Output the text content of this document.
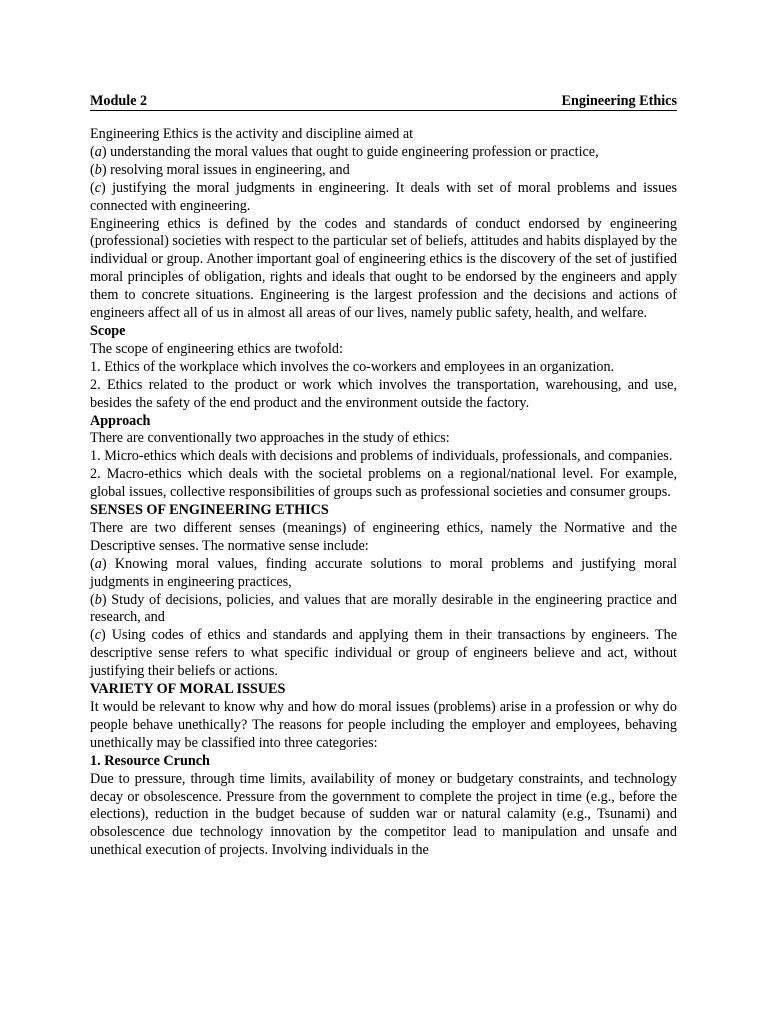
Module 2	Engineering Ethics

Engineering Ethics is the activity and discipline aimed at

(a) understanding the moral values that ought to guide engineering profession or practice,

(b) resolving moral issues in engineering, and

(c) justifying the moral judgments in engineering. It deals with set of moral problems and issues connected with engineering.

Engineering ethics is defined by the codes and standards of conduct endorsed by engineering (professional) societies with respect to the particular set of beliefs, attitudes and habits displayed by the individual or group. Another important goal of engineering ethics is the discovery of the set of justified moral principles of obligation, rights and ideals that ought to be endorsed by the engineers and apply them to concrete situations. Engineering is the largest profession and the decisions and actions of engineers affect all of us in almost all areas of our lives, namely public safety, health, and welfare.

Scope

The scope of engineering ethics are twofold:

1. Ethics of the workplace which involves the co-workers and employees in an organization.

2. Ethics related to the product or work which involves the transportation, warehousing, and use, besides the safety of the end product and the environment outside the factory.

Approach

There are conventionally two approaches in the study of ethics:

1. Micro-ethics which deals with decisions and problems of individuals, professionals, and companies.

2. Macro-ethics which deals with the societal problems on a regional/national level. For example, global issues, collective responsibilities of groups such as professional societies and consumer groups.

SENSES OF ENGINEERING ETHICS

There are two different senses (meanings) of engineering ethics, namely the Normative and the Descriptive senses. The normative sense include:

(a) Knowing moral values, finding accurate solutions to moral problems and justifying moral judgments in engineering practices,

(b) Study of decisions, policies, and values that are morally desirable in the engineering practice and research, and

(c) Using codes of ethics and standards and applying them in their transactions by engineers. The descriptive sense refers to what specific individual or group of engineers believe and act, without justifying their beliefs or actions.

VARIETY OF MORAL ISSUES

It would be relevant to know why and how do moral issues (problems) arise in a profession or why do people behave unethically? The reasons for people including the employer and employees, behaving unethically may be classified into three categories:

1. Resource Crunch

Due to pressure, through time limits, availability of money or budgetary constraints, and technology decay or obsolescence. Pressure from the government to complete the project in time (e.g., before the elections), reduction in the budget because of sudden war or natural calamity (e.g., Tsunami) and obsolescence due technology innovation by the competitor lead to manipulation and unsafe and unethical execution of projects. Involving individuals in the
